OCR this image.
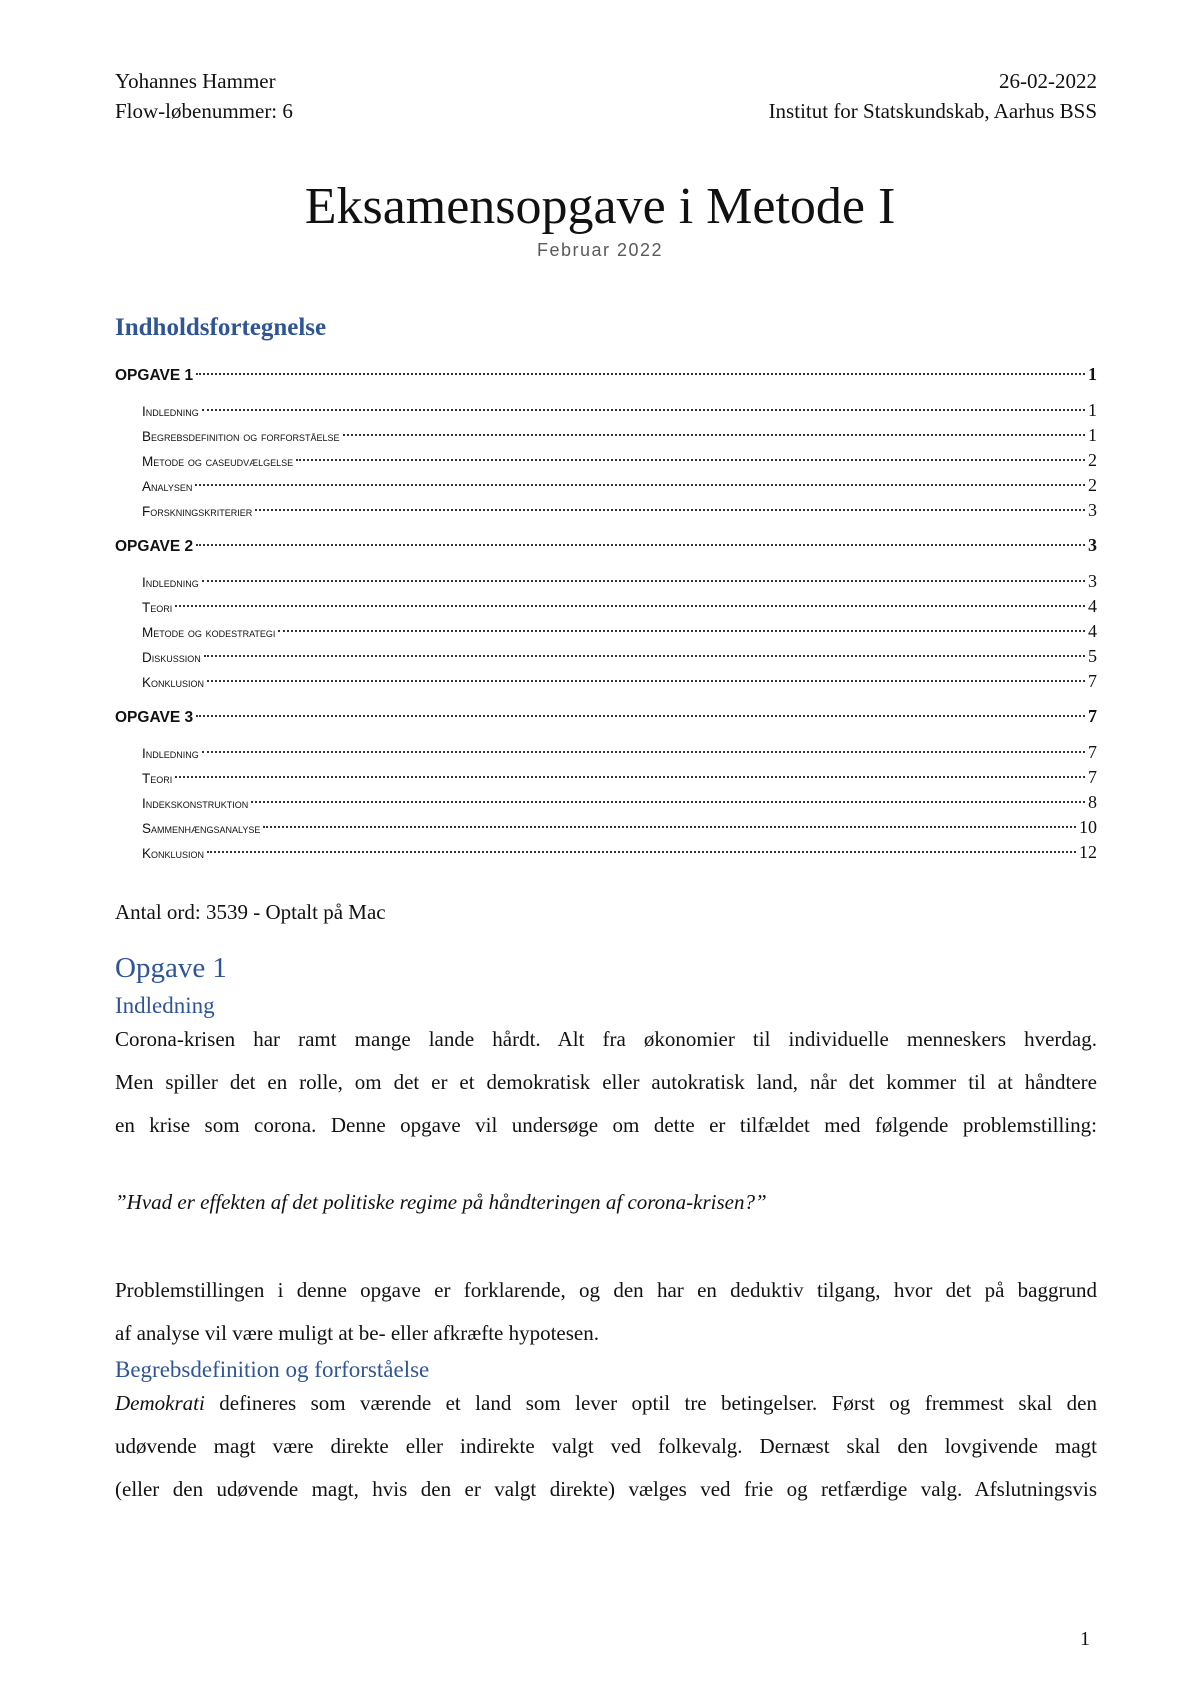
Yohannes Hammer	26-02-2022
Flow-løbenummer: 6	Institut for Statskundskab, Aarhus BSS
Eksamensopgave i Metode I
Februar 2022
Indholdsfortegnelse
OPGAVE 1	1
Indledning	1
Begrebsdefinition og forforståelse	1
Metode og caseudvælgelse	2
Analysen	2
Forskningskriterier	3
OPGAVE 2	3
Indledning	3
Teori	4
Metode og kodestrategi	4
Diskussion	5
Konklusion	7
OPGAVE 3	7
Indledning	7
Teori	7
Indekskonstruktion	8
Sammenhængsanalyse	10
Konklusion	12
Antal ord: 3539 - Optalt på Mac
Opgave 1
Indledning
Corona-krisen har ramt mange lande hårdt. Alt fra økonomier til individuelle menneskers hverdag.
Men spiller det en rolle, om det er et demokratisk eller autokratisk land, når det kommer til at håndtere
en krise som corona. Denne opgave vil undersøge om dette er tilfældet med følgende problemstilling:
”Hvad er effekten af det politiske regime på håndteringen af corona-krisen?”
Problemstillingen i denne opgave er forklarende, og den har en deduktiv tilgang, hvor det på baggrund
af analyse vil være muligt at be- eller afkræfte hypotesen.
Begrebsdefinition og forforståelse
Demokrati defineres som værende et land som lever optil tre betingelser. Først og fremmest skal den
udøvende magt være direkte eller indirekte valgt ved folkevalg. Dernæst skal den lovgivende magt
(eller den udøvende magt, hvis den er valgt direkte) vælges ved frie og retfærdige valg. Afslutningsvis
1
